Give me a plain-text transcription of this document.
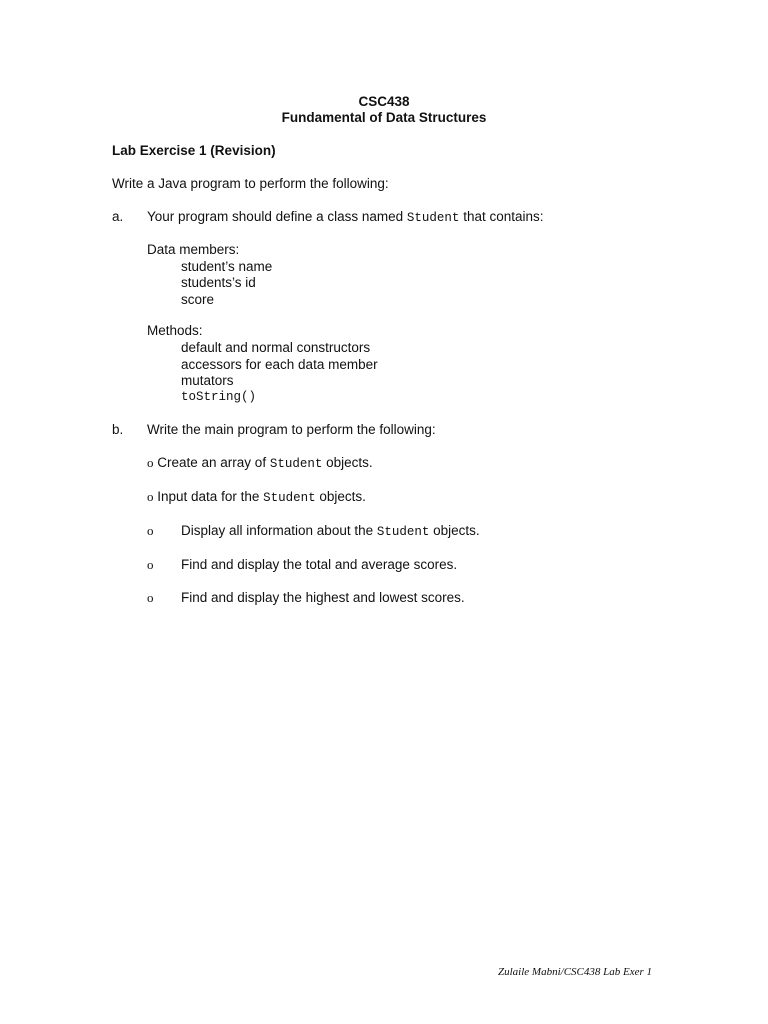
CSC438
Fundamental of Data Structures
Lab Exercise 1 (Revision)
Write a Java program to perform the following:
a. Your program should define a class named Student that contains:
Data members:
student’s name
students’s id
score
Methods:
default and normal constructors
accessors for each data member
mutators
toString()
b. Write the main program to perform the following:
o Create an array of Student objects.
o Input data for the Student objects.
o Display all information about the Student objects.
o Find and display the total and average scores.
o Find and display the highest and lowest scores.
Zulaile Mabni/CSC438 Lab Exer 1
